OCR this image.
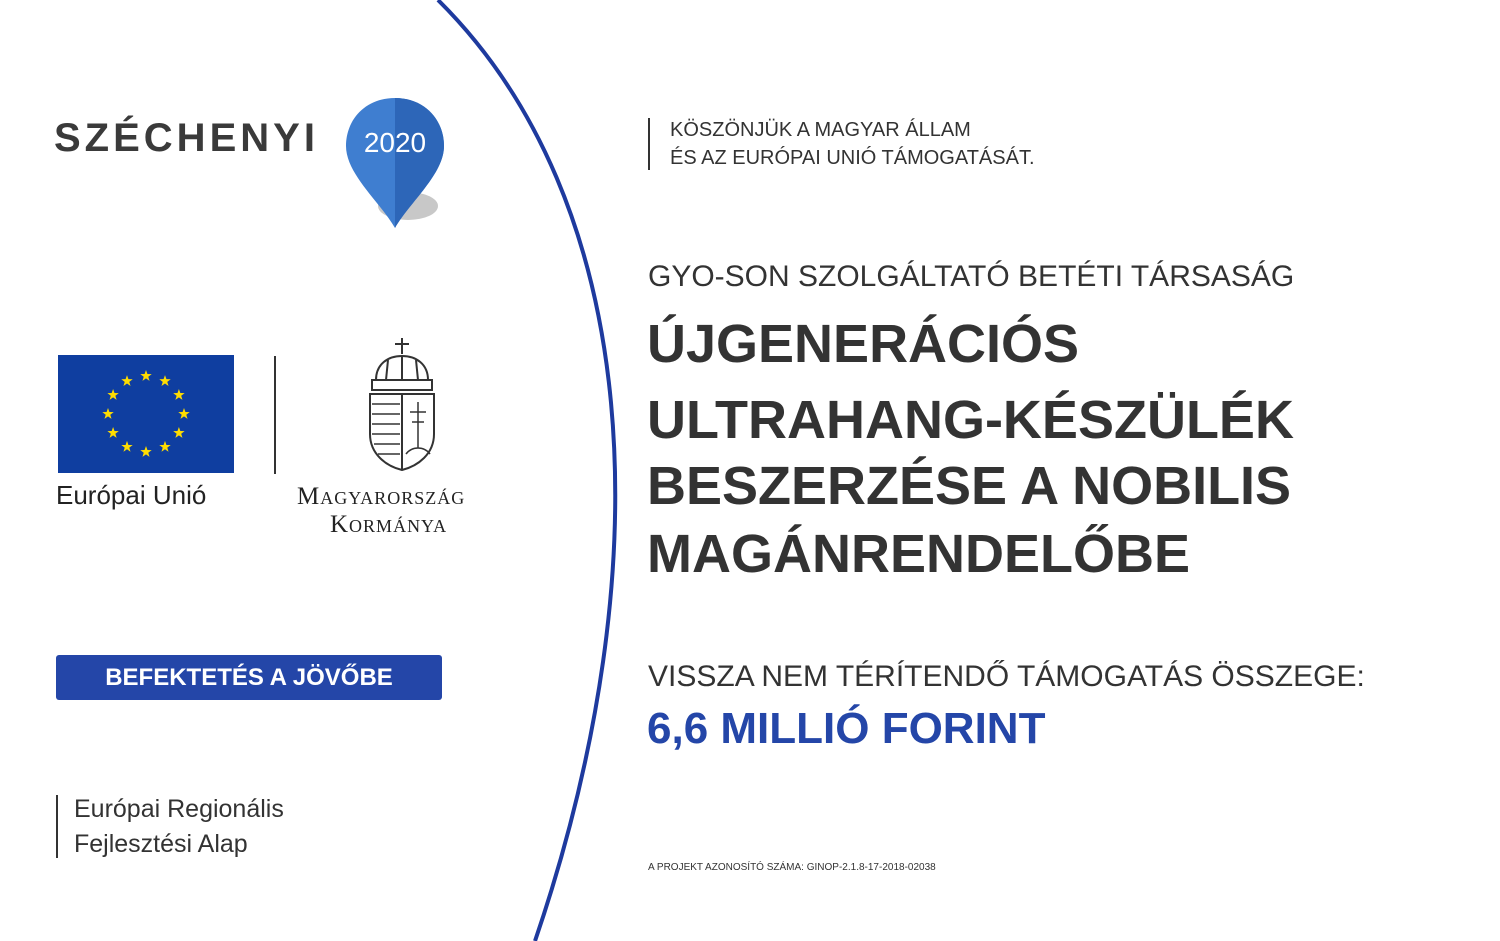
SZÉCHENYI 2020
Európai Unió	Magyarország
Kormánya
BEFEKTETÉS A JÖVŐBE
Európai Regionális
Fejlesztési Alap
KÖSZÖNJÜK A MAGYAR ÁLLAM
ÉS AZ EURÓPAI UNIÓ TÁMOGATÁSÁT.
GYO-SON SZOLGÁLTATÓ BETÉTI TÁRSASÁG
ÚJGENERÁCIÓS
ULTRAHANG-KÉSZÜLÉK
BESZERZÉSE A NOBILIS
MAGÁNRENDELŐBE
VISSZA NEM TÉRÍTENDŐ TÁMOGATÁS ÖSSZEGE:
6,6 MILLIÓ FORINT
A PROJEKT AZONOSÍTÓ SZÁMA: GINOP-2.1.8-17-2018-02038
